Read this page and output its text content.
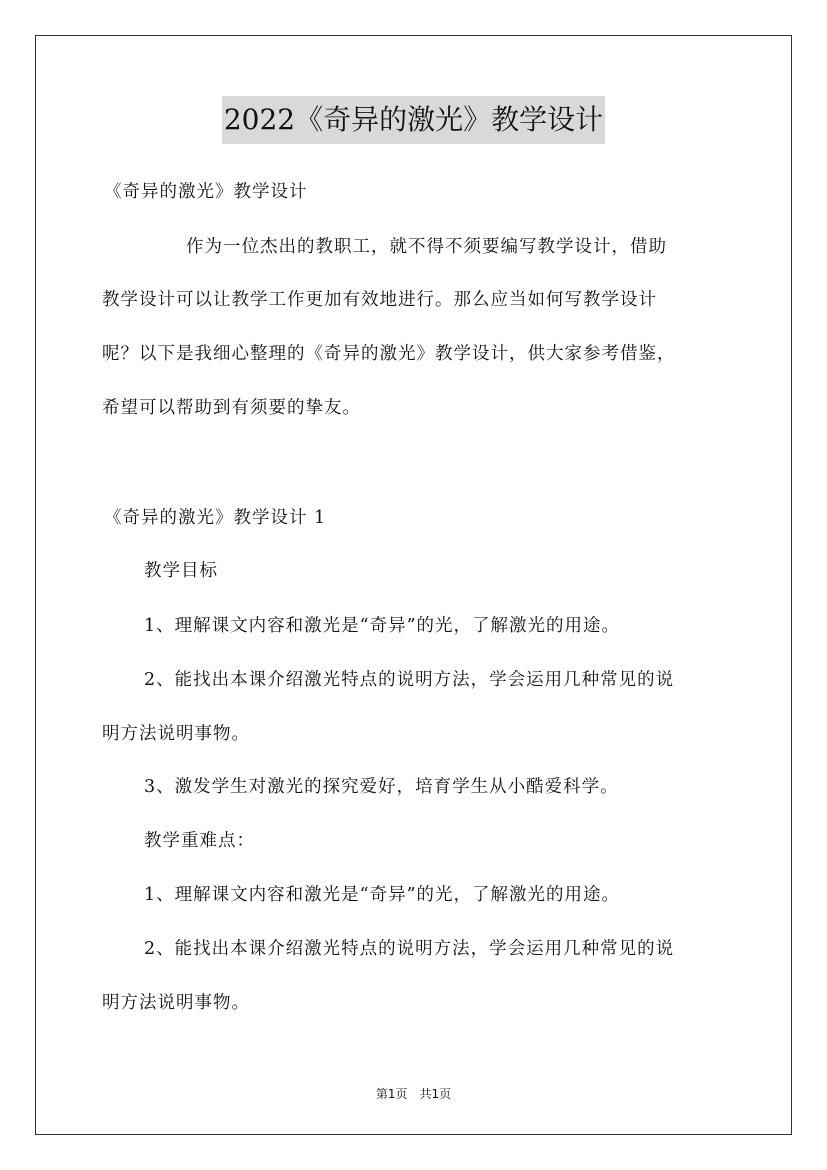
2022《奇异的激光》教学设计
《奇异的激光》教学设计
作为一位杰出的教职工，就不得不须要编写教学设计，借助
教学设计可以让教学工作更加有效地进行。那么应当如何写教学设计
呢？以下是我细心整理的《奇异的激光》教学设计，供大家参考借鉴，
希望可以帮助到有须要的挚友。
《奇异的激光》教学设计 1
教学目标
1、理解课文内容和激光是“奇异”的光，了解激光的用途。
2、能找出本课介绍激光特点的说明方法，学会运用几种常见的说
明方法说明事物。
3、激发学生对激光的探究爱好，培育学生从小酷爱科学。
教学重难点：
1、理解课文内容和激光是“奇异”的光，了解激光的用途。
2、能找出本课介绍激光特点的说明方法，学会运用几种常见的说
明方法说明事物。
第1页　共1页
